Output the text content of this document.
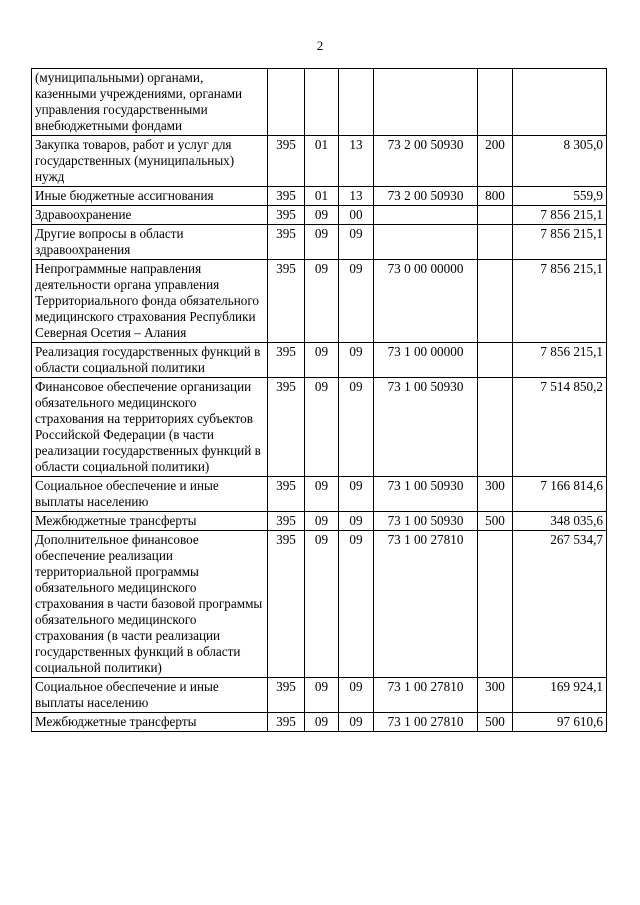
2
(муниципальными) органами, казенными учреждениями, органами управления государственными внебюджетными фондами						
Закупка товаров, работ и услуг для государственных (муниципальных) нужд	395	01	13	73 2 00 50930	200	8 305,0
Иные бюджетные ассигнования	395	01	13	73 2 00 50930	800	559,9
Здравоохранение	395	09	00			7 856 215,1
Другие вопросы в области здравоохранения	395	09	09			7 856 215,1
Непрограммные направления деятельности органа управления Территориального фонда обязательного медицинского страхования Республики Северная Осетия – Алания	395	09	09	73 0 00 00000		7 856 215,1
Реализация государственных функций в области социальной политики	395	09	09	73 1 00 00000		7 856 215,1
Финансовое обеспечение организации обязательного медицинского страхования на территориях субъектов Российской Федерации (в части реализации государственных функций в области социальной политики)	395	09	09	73 1 00 50930		7 514 850,2
Социальное обеспечение и иные выплаты населению	395	09	09	73 1 00 50930	300	7 166 814,6
Межбюджетные трансферты	395	09	09	73 1 00 50930	500	348 035,6
Дополнительное финансовое обеспечение реализации территориальной программы обязательного медицинского страхования в части базовой программы обязательного медицинского страхования (в части реализации государственных функций в области социальной политики)	395	09	09	73 1 00 27810		267 534,7
Социальное обеспечение и иные выплаты населению	395	09	09	73 1 00 27810	300	169 924,1
Межбюджетные трансферты	395	09	09	73 1 00 27810	500	97 610,6
